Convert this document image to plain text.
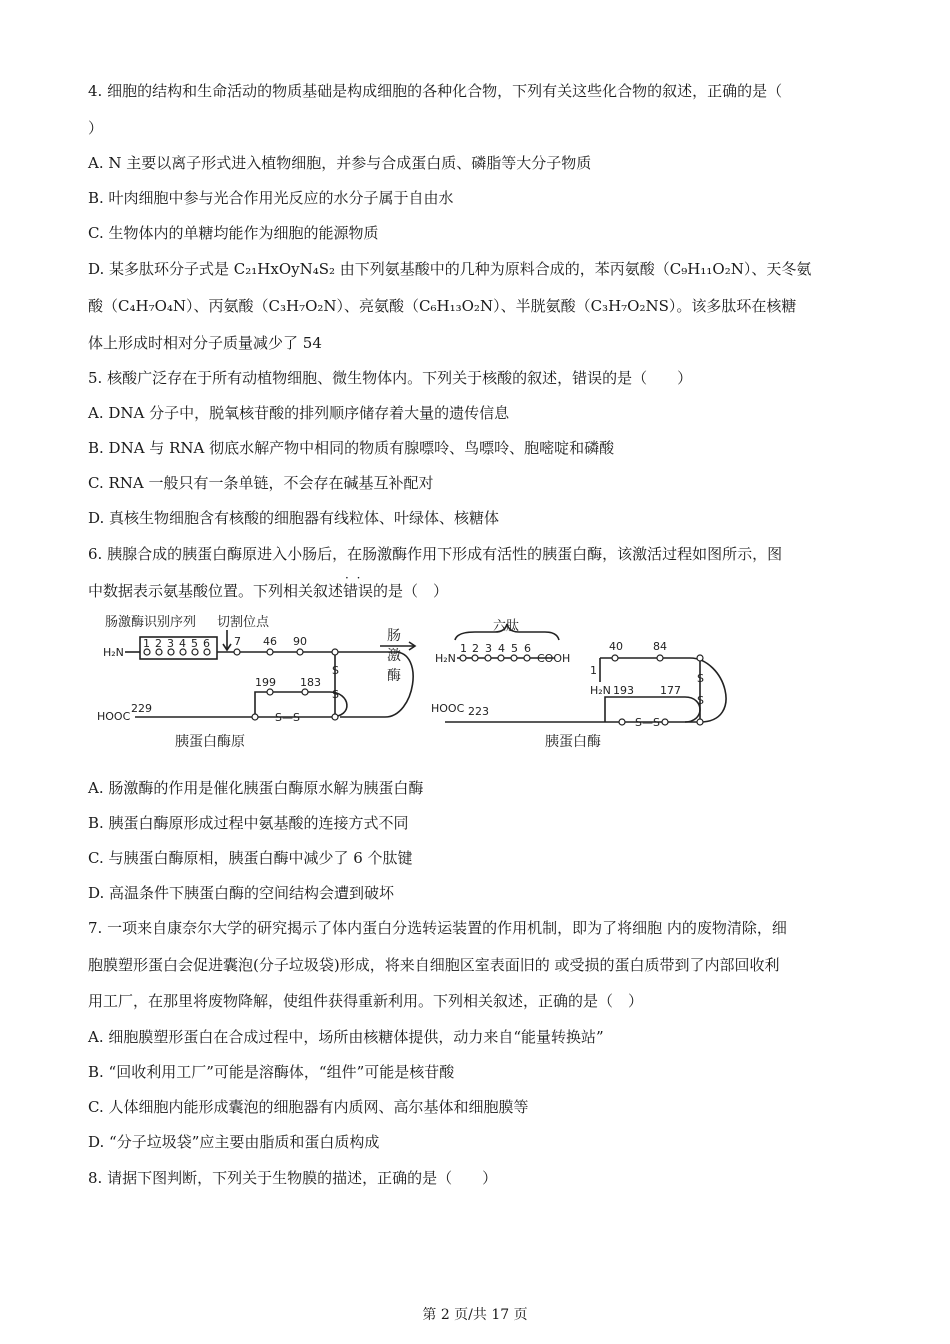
4. 细胞的结构和生命活动的物质基础是构成细胞的各种化合物，下列有关这些化合物的叙述，正确的是（
）
A. N 主要以离子形式进入植物细胞，并参与合成蛋白质、磷脂等大分子物质
B. 叶肉细胞中参与光合作用光反应的水分子属于自由水
C. 生物体内的单糖均能作为细胞的能源物质
D. 某多肽环分子式是 C₂₁HxOyN₄S₂ 由下列氨基酸中的几种为原料合成的，苯丙氨酸（C₉H₁₁O₂N）、天冬氨
酸（C₄H₇O₄N）、丙氨酸（C₃H₇O₂N）、亮氨酸（C₆H₁₃O₂N）、半胱氨酸（C₃H₇O₂NS）。该多肽环在核糖
体上形成时相对分子质量减少了 54
5. 核酸广泛存在于所有动植物细胞、微生物体内。下列关于核酸的叙述，错误的是（　　）
A. DNA 分子中，脱氧核苷酸的排列顺序储存着大量的遗传信息
B. DNA 与 RNA 彻底水解产物中相同的物质有腺嘌呤、鸟嘌呤、胞嘧啶和磷酸
C. RNA 一般只有一条单链，不会存在碱基互补配对
D. 真核生物细胞含有核酸的细胞器有线粒体、叶绿体、核糖体
6. 胰腺合成的胰蛋白酶原进入小肠后，在肠激酶作用下形成有活性的胰蛋白酶，该激活过程如图所示，图
中数据表示氨基酸位置。下列相关叙述· · 错误的是（　）
肠激酶识别序列 切割位点
H₂N
HOOC
1 2 3 4 5 6 7 46 90
199 183
229
S
S
S—S
胰蛋白酶原
肠
激
酶
六肽
H₂N	COOH
1 2 3 4 5 6	40	84
1
H₂N 193 177
HOOC 223
S
S
S—S
胰蛋白酶
A. 肠激酶的作用是催化胰蛋白酶原水解为胰蛋白酶
B. 胰蛋白酶原形成过程中氨基酸的连接方式不同
C. 与胰蛋白酶原相，胰蛋白酶中减少了 6 个肽键
D. 高温条件下胰蛋白酶的空间结构会遭到破坏
7. 一项来自康奈尔大学的研究揭示了体内蛋白分选转运装置的作用机制，即为了将细胞 内的废物清除，细
胞膜塑形蛋白会促进囊泡(分子垃圾袋)形成，将来自细胞区室表面旧的 或受损的蛋白质带到了内部回收利
用工厂，在那里将废物降解，使组件获得重新利用。下列相关叙述，正确的是（　）
A. 细胞膜塑形蛋白在合成过程中，场所由核糖体提供，动力来自“能量转换站”
B. “回收利用工厂”可能是溶酶体，“组件”可能是核苷酸
C. 人体细胞内能形成囊泡的细胞器有内质网、高尔基体和细胞膜等
D. “分子垃圾袋”应主要由脂质和蛋白质构成
8. 请据下图判断，下列关于生物膜的描述，正确的是（　　）
第 2 页/共 17 页
